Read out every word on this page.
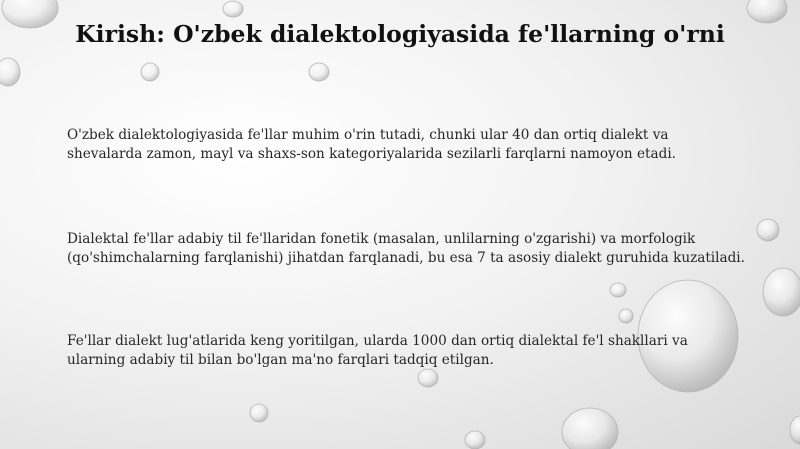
Kirish: O'zbek dialektologiyasida fe'llarning o'rni
O'zbek dialektologiyasida fe'llar muhim o'rin tutadi, chunki ular 40 dan ortiq dialekt va shevalarda zamon, mayl va shaxs-son kategoriyalarida sezilarli farqlarni namoyon etadi.
Dialektal fe'llar adabiy til fe'llaridan fonetik (masalan, unlilarning o'zgarishi) va morfologik (qo'shimchalarning farqlanishi) jihatdan farqlanadi, bu esa 7 ta asosiy dialekt guruhida kuzatiladi.
Fe'llar dialekt lug'atlarida keng yoritilgan, ularda 1000 dan ortiq dialektal fe'l shakllari va ularning adabiy til bilan bo'lgan ma'no farqlari tadqiq etilgan.
